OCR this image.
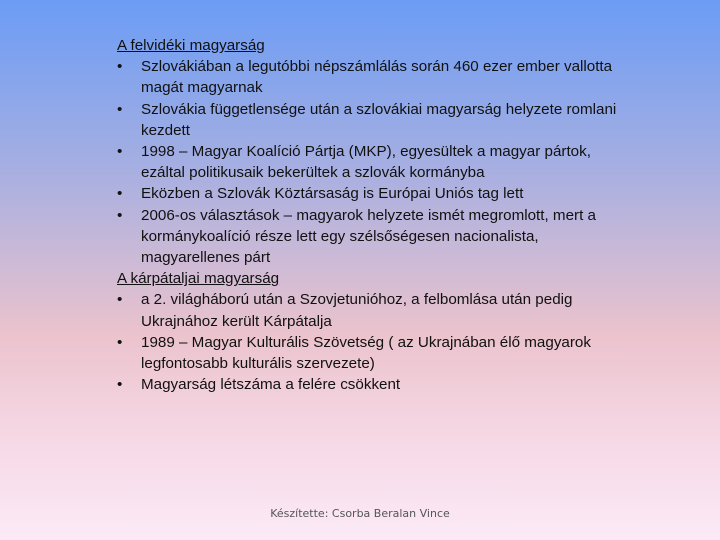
A felvidéki magyarság
•	Szlovákiában a legutóbbi népszámlálás során 460 ezer ember vallotta magát magyarnak
•	Szlovákia függetlensége után a szlovákiai magyarság helyzete romlani kezdett
•	1998 – Magyar Koalíció Pártja (MKP), egyesültek a magyar pártok, ezáltal politikusaik bekerültek a szlovák kormányba
•	Eközben a Szlovák Köztársaság is Európai Uniós tag lett
•	2006-os választások – magyarok helyzete ismét megromlott, mert a kormánykoalíció része lett egy szélsőségesen nacionalista, magyarellenes párt
A kárpátaljai magyarság
•	a 2. világháború után a Szovjetunióhoz, a felbomlása után pedig Ukrajnához került Kárpátalja
•	1989 – Magyar Kulturális Szövetség ( az Ukrajnában élő magyarok legfontosabb kulturális szervezete)
•	Magyarság létszáma a felére csökkent
Készítette: Csorba Beralan Vince
